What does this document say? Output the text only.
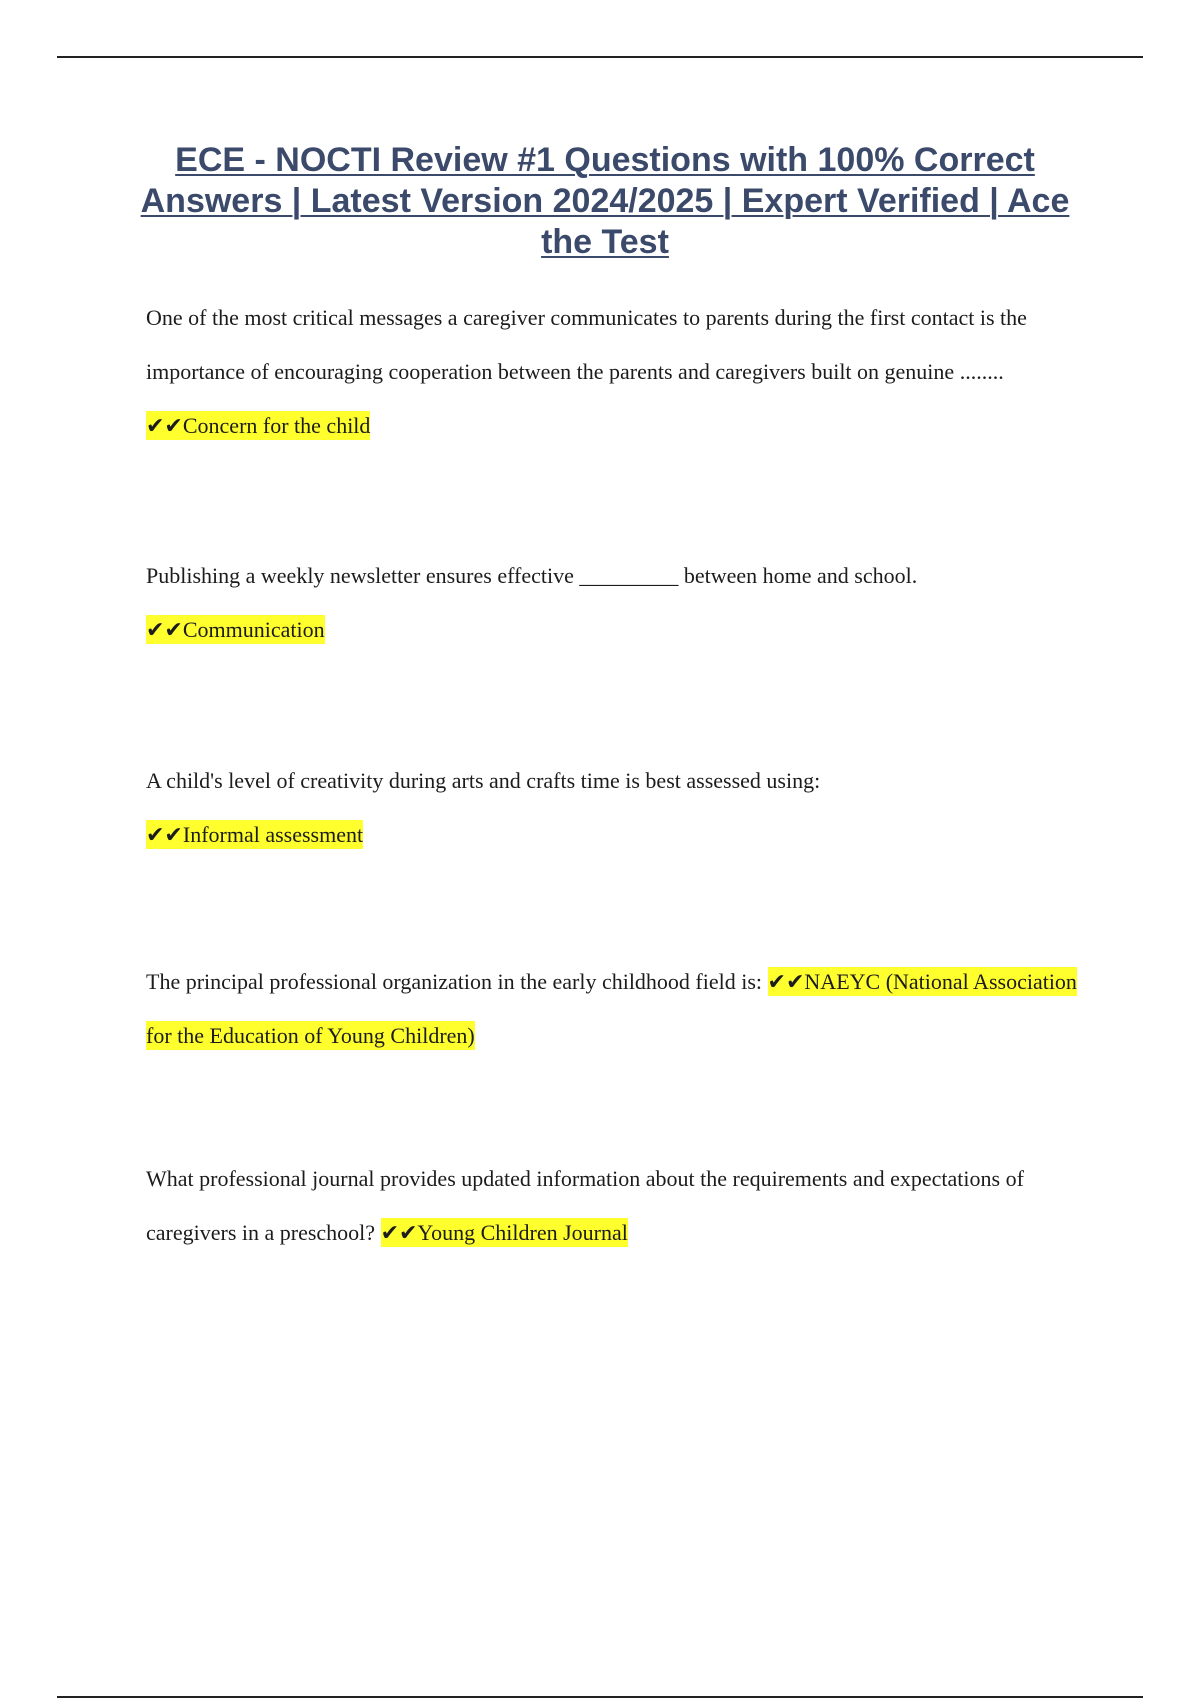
ECE - NOCTI Review #1 Questions with 100% Correct Answers | Latest Version 2024/2025 | Expert Verified | Ace the Test

One of the most critical messages a caregiver communicates to parents during the first contact is the importance of encouraging cooperation between the parents and caregivers built on genuine ........ ✔✔Concern for the child

Publishing a weekly newsletter ensures effective _________ between home and school.

✔✔Communication

A child's level of creativity during arts and crafts time is best assessed using:

✔✔Informal assessment

The principal professional organization in the early childhood field is: ✔✔NAEYC (National Association for the Education of Young Children)

What professional journal provides updated information about the requirements and expectations of caregivers in a preschool? ✔✔Young Children Journal
